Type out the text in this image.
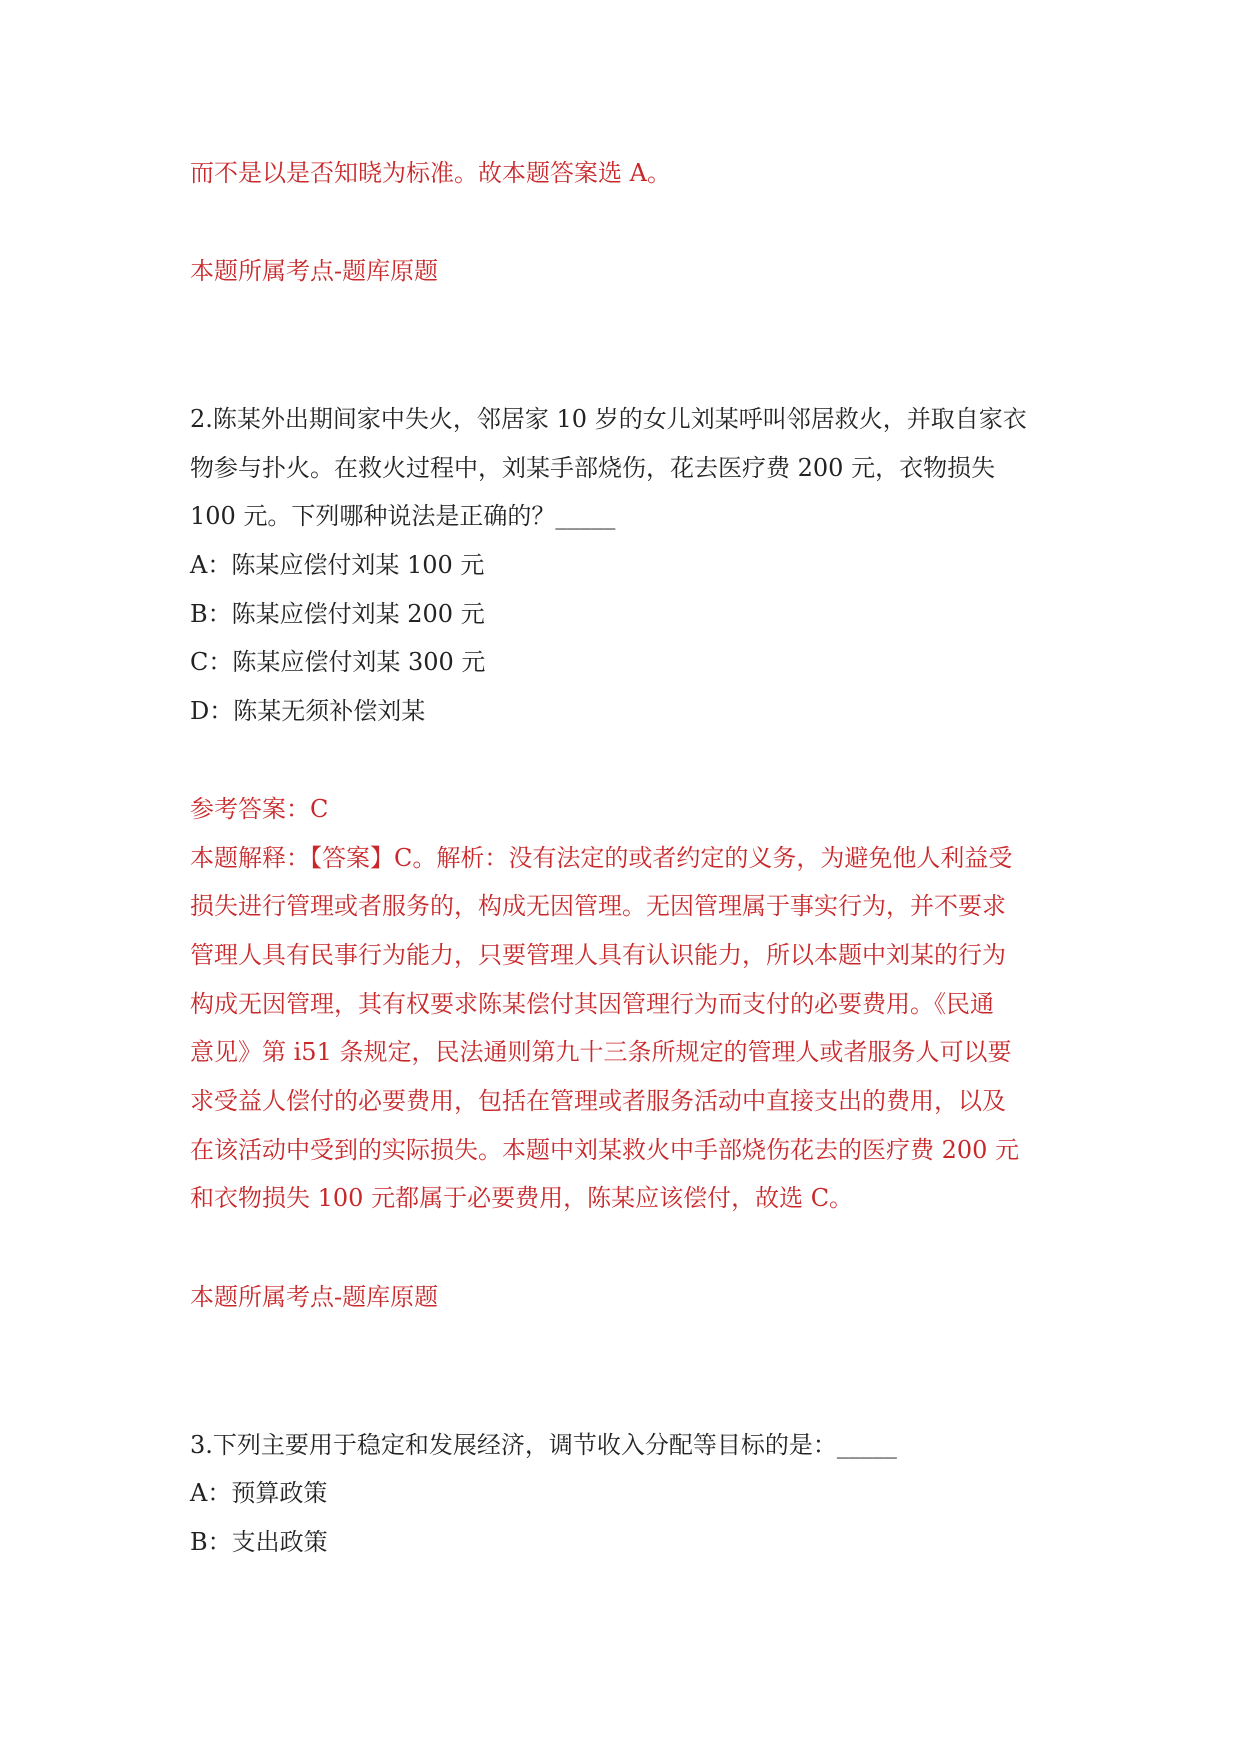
而不是以是否知晓为标准。故本题答案选 A。
本题所属考点-题库原题
2.陈某外出期间家中失火，邻居家 10 岁的女儿刘某呼叫邻居救火，并取自家衣
物参与扑火。在救火过程中，刘某手部烧伤，花去医疗费 200 元，衣物损失
100 元。下列哪种说法是正确的？_____
A：陈某应偿付刘某 100 元
B：陈某应偿付刘某 200 元
C：陈某应偿付刘某 300 元
D：陈某无须补偿刘某
参考答案：C
本题解释：【答案】C。解析：没有法定的或者约定的义务，为避免他人利益受
损失进行管理或者服务的，构成无因管理。无因管理属于事实行为，并不要求
管理人具有民事行为能力，只要管理人具有认识能力，所以本题中刘某的行为
构成无因管理，其有权要求陈某偿付其因管理行为而支付的必要费用。《民通
意见》第 i51 条规定，民法通则第九十三条所规定的管理人或者服务人可以要
求受益人偿付的必要费用，包括在管理或者服务活动中直接支出的费用，以及
在该活动中受到的实际损失。本题中刘某救火中手部烧伤花去的医疗费 200 元
和衣物损失 100 元都属于必要费用，陈某应该偿付，故选 C。
本题所属考点-题库原题
3.下列主要用于稳定和发展经济，调节收入分配等目标的是：_____
A：预算政策
B：支出政策
